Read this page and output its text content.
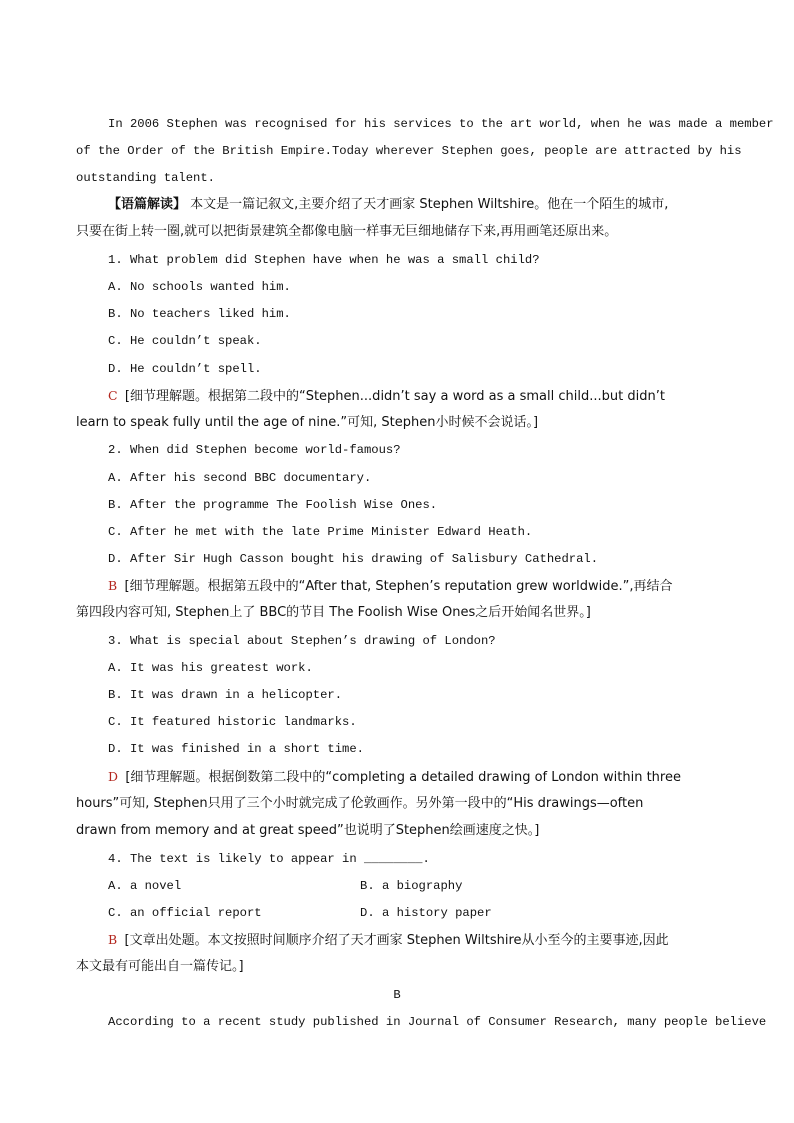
In 2006 Stephen was recognised for his services to the art world, when he was made a member
of the Order of the British Empire.Today wherever Stephen goes, people are attracted by his
outstanding talent.
【语篇解读】 本文是一篇记叙文,主要介绍了天才画家 Stephen Wiltshire。他在一个陌生的城市,
只要在街上转一圈,就可以把街景建筑全都像电脑一样事无巨细地储存下来,再用画笔还原出来。
1. What problem did Stephen have when he was a small child?
A. No schools wanted him.
B. No teachers liked him.
C. He couldn’t speak.
D. He couldn’t spell.
C [细节理解题。根据第二段中的“Stephen...didn’t say a word as a small child...but didn’t
learn to speak fully until the age of nine.”可知, Stephen小时候不会说话。]
2. When did Stephen become world-famous?
A. After his second BBC documentary.
B. After the programme The Foolish Wise Ones.
C. After he met with the late Prime Minister Edward Heath.
D. After Sir Hugh Casson bought his drawing of Salisbury Cathedral.
B [细节理解题。根据第五段中的“After that, Stephen’s reputation grew worldwide.”,再结合
第四段内容可知, Stephen上了 BBC的节目 The Foolish Wise Ones之后开始闻名世界。]
3. What is special about Stephen’s drawing of London?
A. It was his greatest work.
B. It was drawn in a helicopter.
C. It featured historic landmarks.
D. It was finished in a short time.
D [细节理解题。根据倒数第二段中的“completing a detailed drawing of London within three
hours”可知, Stephen只用了三个小时就完成了伦敦画作。另外第一段中的“His drawings—often
drawn from memory and at great speed”也说明了Stephen绘画速度之快。]
4. The text is likely to appear in ________.
A. a novel	B. a biography
C. an official report	D. a history paper
B [文章出处题。本文按照时间顺序介绍了天才画家 Stephen Wiltshire从小至今的主要事迹,因此
本文最有可能出自一篇传记。]
B
According to a recent study published in Journal of Consumer Research, many people believe
